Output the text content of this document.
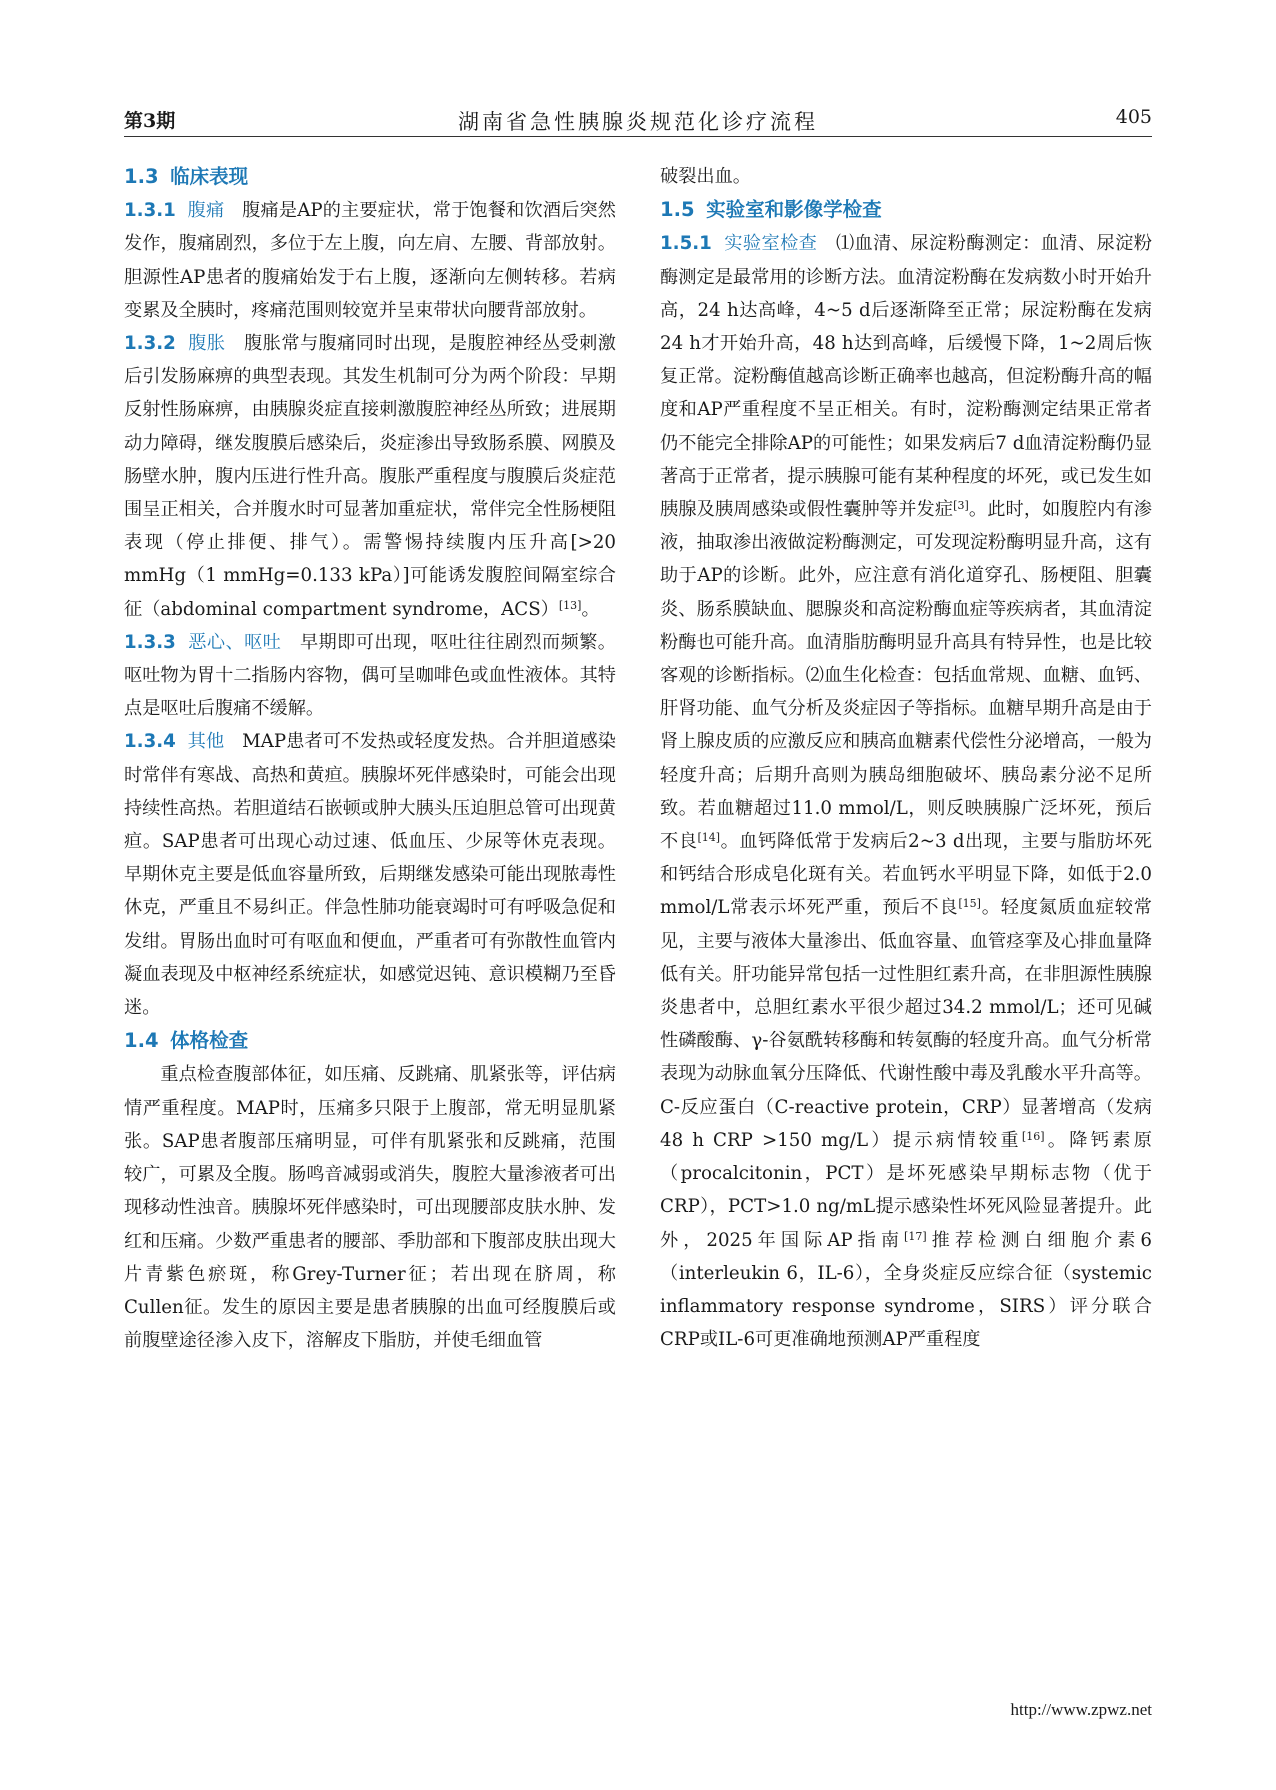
第3期	湖南省急性胰腺炎规范化诊疗流程	405

1.3 临床表现

1.3.1 腹痛 腹痛是AP的主要症状，常于饱餐和饮酒后突然发作，腹痛剧烈，多位于左上腹，向左肩、左腰、背部放射。胆源性AP患者的腹痛始发于右上腹，逐渐向左侧转移。若病变累及全胰时，疼痛范围则较宽并呈束带状向腰背部放射。

1.3.2 腹胀 腹胀常与腹痛同时出现，是腹腔神经丛受刺激后引发肠麻痹的典型表现。其发生机制可分为两个阶段：早期反射性肠麻痹，由胰腺炎症直接刺激腹腔神经丛所致；进展期动力障碍，继发腹膜后感染后，炎症渗出导致肠系膜、网膜及肠壁水肿，腹内压进行性升高。腹胀严重程度与腹膜后炎症范围呈正相关，合并腹水时可显著加重症状，常伴完全性肠梗阻表现（停止排便、排气）。需警惕持续腹内压升高[>20 mmHg（1 mmHg=0.133 kPa）]可能诱发腹腔间隔室综合征（abdominal compartment syndrome，ACS）[13]。

1.3.3 恶心、呕吐 早期即可出现，呕吐往往剧烈而频繁。呕吐物为胃十二指肠内容物，偶可呈咖啡色或血性液体。其特点是呕吐后腹痛不缓解。

1.3.4 其他 MAP患者可不发热或轻度发热。合并胆道感染时常伴有寒战、高热和黄疸。胰腺坏死伴感染时，可能会出现持续性高热。若胆道结石嵌顿或肿大胰头压迫胆总管可出现黄疸。SAP患者可出现心动过速、低血压、少尿等休克表现。早期休克主要是低血容量所致，后期继发感染可能出现脓毒性休克，严重且不易纠正。伴急性肺功能衰竭时可有呼吸急促和发绀。胃肠出血时可有呕血和便血，严重者可有弥散性血管内凝血表现及中枢神经系统症状，如感觉迟钝、意识模糊乃至昏迷。

1.4 体格检查

重点检查腹部体征，如压痛、反跳痛、肌紧张等，评估病情严重程度。MAP时，压痛多只限于上腹部，常无明显肌紧张。SAP患者腹部压痛明显，可伴有肌紧张和反跳痛，范围较广，可累及全腹。肠鸣音减弱或消失，腹腔大量渗液者可出现移动性浊音。胰腺坏死伴感染时，可出现腰部皮肤水肿、发红和压痛。少数严重患者的腰部、季肋部和下腹部皮肤出现大片青紫色瘀斑，称Grey-Turner征；若出现在脐周，称Cullen征。发生的原因主要是患者胰腺的出血可经腹膜后或前腹壁途径渗入皮下，溶解皮下脂肪，并使毛细血管

破裂出血。

1.5 实验室和影像学检查

1.5.1 实验室检查 ⑴血清、尿淀粉酶测定：血清、尿淀粉酶测定是最常用的诊断方法。血清淀粉酶在发病数小时开始升高，24 h达高峰，4~5 d后逐渐降至正常；尿淀粉酶在发病24 h才开始升高，48 h达到高峰，后缓慢下降，1~2周后恢复正常。淀粉酶值越高诊断正确率也越高，但淀粉酶升高的幅度和AP严重程度不呈正相关。有时，淀粉酶测定结果正常者仍不能完全排除AP的可能性；如果发病后7 d血清淀粉酶仍显著高于正常者，提示胰腺可能有某种程度的坏死，或已发生如胰腺及胰周感染或假性囊肿等并发症[3]。此时，如腹腔内有渗液，抽取渗出液做淀粉酶测定，可发现淀粉酶明显升高，这有助于AP的诊断。此外，应注意有消化道穿孔、肠梗阻、胆囊炎、肠系膜缺血、腮腺炎和高淀粉酶血症等疾病者，其血清淀粉酶也可能升高。血清脂肪酶明显升高具有特异性，也是比较客观的诊断指标。⑵血生化检查：包括血常规、血糖、血钙、肝肾功能、血气分析及炎症因子等指标。血糖早期升高是由于肾上腺皮质的应激反应和胰高血糖素代偿性分泌增高，一般为轻度升高；后期升高则为胰岛细胞破坏、胰岛素分泌不足所致。若血糖超过11.0 mmol/L，则反映胰腺广泛坏死，预后不良[14]。血钙降低常于发病后2~3 d出现，主要与脂肪坏死和钙结合形成皂化斑有关。若血钙水平明显下降，如低于2.0 mmol/L常表示坏死严重，预后不良[15]。轻度氮质血症较常见，主要与液体大量渗出、低血容量、血管痉挛及心排血量降低有关。肝功能异常包括一过性胆红素升高，在非胆源性胰腺炎患者中，总胆红素水平很少超过34.2 mmol/L；还可见碱性磷酸酶、γ-谷氨酰转移酶和转氨酶的轻度升高。血气分析常表现为动脉血氧分压降低、代谢性酸中毒及乳酸水平升高等。C-反应蛋白（C-reactive protein，CRP）显著增高（发病48 h CRP >150 mg/L）提示病情较重[16]。降钙素原（procalcitonin，PCT）是坏死感染早期标志物（优于CRP），PCT>1.0 ng/mL提示感染性坏死风险显著提升。此外，2025年国际AP指南[17]推荐检测白细胞介素6（interleukin 6，IL-6），全身炎症反应综合征（systemic inflammatory response syndrome，SIRS）评分联合CRP或IL-6可更准确地预测AP严重程度

http://www.zpwz.net
